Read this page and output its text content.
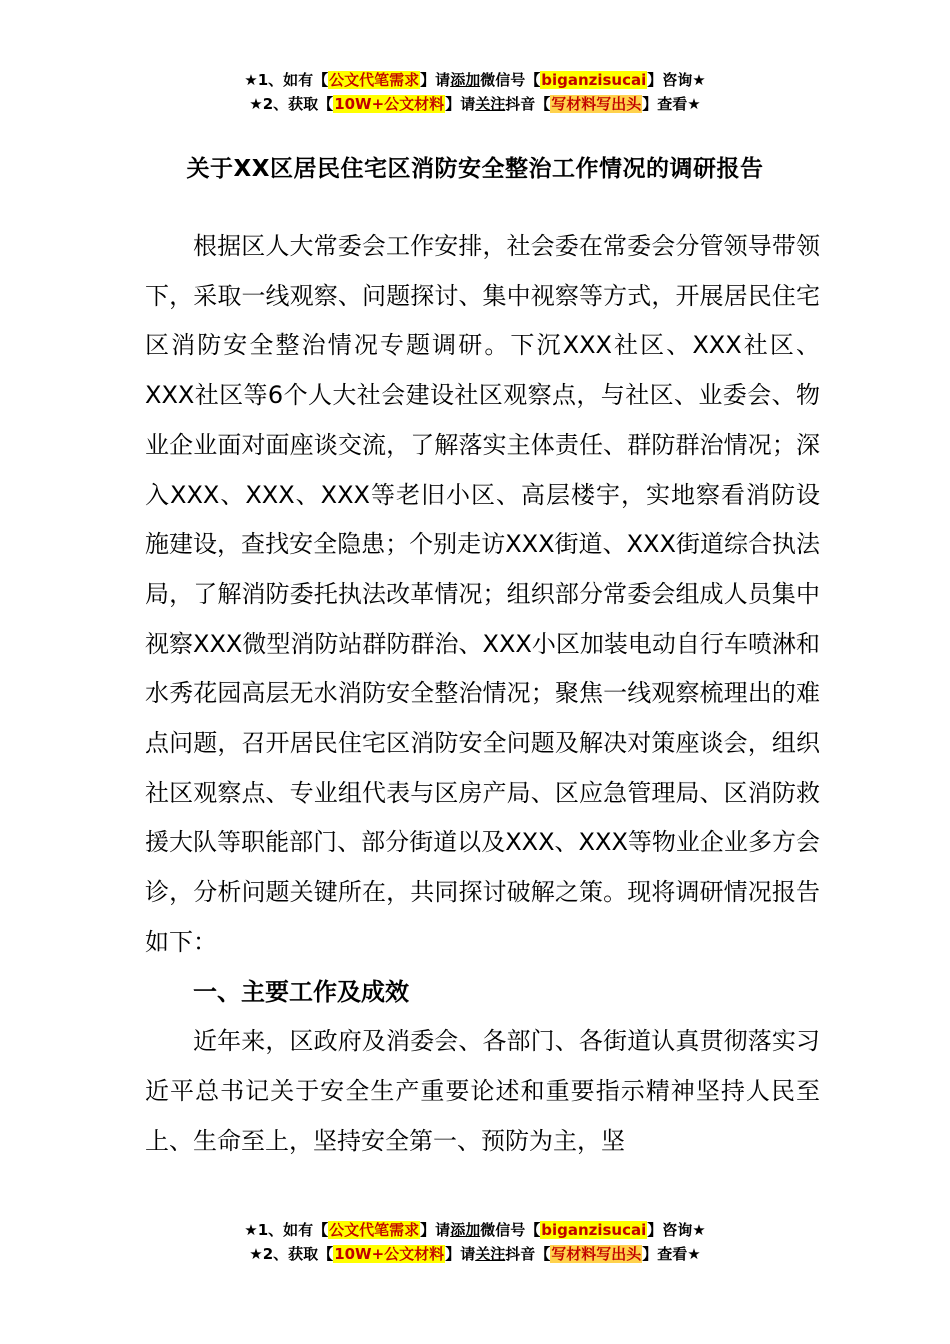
★1、如有【公文代笔需求】请添加微信号【biganzisucai】咨询★
★2、获取【10W+公文材料】请关注抖音【写材料写出头】查看★
关于XX区居民住宅区消防安全整治工作情况的调研报告

根据区人大常委会工作安排，社会委在常委会分管领导带领下，采取一线观察、问题探讨、集中视察等方式，开展居民住宅区消防安全整治情况专题调研。下沉XXX社区、XXX社区、XXX社区等6个人大社会建设社区观察点，与社区、业委会、物业企业面对面座谈交流，了解落实主体责任、群防群治情况；深入XXX、XXX、XXX等老旧小区、高层楼宇，实地察看消防设施建设，查找安全隐患；个别走访XXX街道、XXX街道综合执法局，了解消防委托执法改革情况；组织部分常委会组成人员集中视察XXX微型消防站群防群治、XXX小区加装电动自行车喷淋和水秀花园高层无水消防安全整治情况；聚焦一线观察梳理出的难点问题，召开居民住宅区消防安全问题及解决对策座谈会，组织社区观察点、专业组代表与区房产局、区应急管理局、区消防救援大队等职能部门、部分街道以及XXX、XXX等物业企业多方会诊，分析问题关键所在，共同探讨破解之策。现将调研情况报告如下：

一、主要工作及成效

近年来，区政府及消委会、各部门、各街道认真贯彻落实习近平总书记关于安全生产重要论述和重要指示精神坚持人民至上、生命至上，坚持安全第一、预防为主，坚

★1、如有【公文代笔需求】请添加微信号【biganzisucai】咨询★
★2、获取【10W+公文材料】请关注抖音【写材料写出头】查看★
